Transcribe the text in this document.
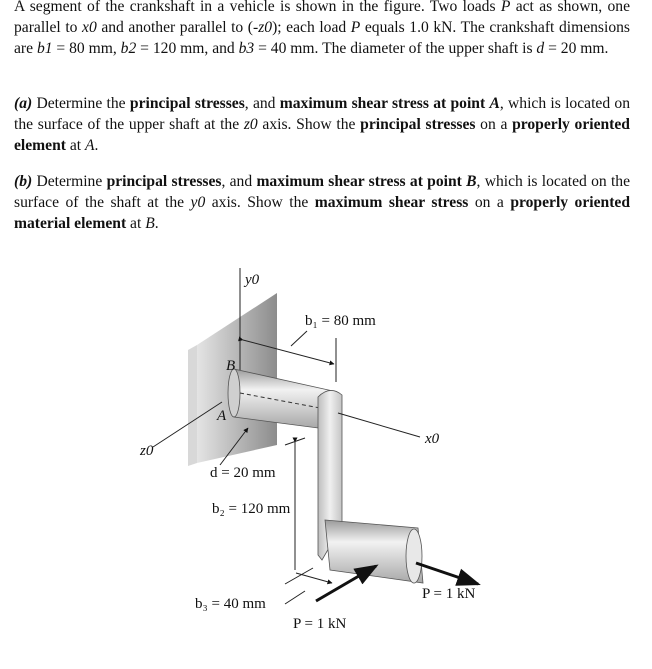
A segment of the crankshaft in a vehicle is shown in the figure. Two loads P act as shown, one parallel to x0 and another parallel to (-z0); each load P equals 1.0 kN. The crankshaft dimensions are b1 = 80 mm, b2 = 120 mm, and b3 = 40 mm. The diameter of the upper shaft is d = 20 mm.
(a) Determine the principal stresses, and maximum shear stress at point A, which is located on the surface of the upper shaft at the z0 axis. Show the principal stresses on a properly oriented element at A.
(b) Determine principal stresses, and maximum shear stress at point B, which is located on the surface of the shaft at the y0 axis. Show the maximum shear stress on a properly oriented material element at B.
y0
z0
x0
B
A
b₁ = 80 mm
d = 20 mm
b₂ = 120 mm
b₃ = 40 mm
P = 1 kN
P = 1 kN
